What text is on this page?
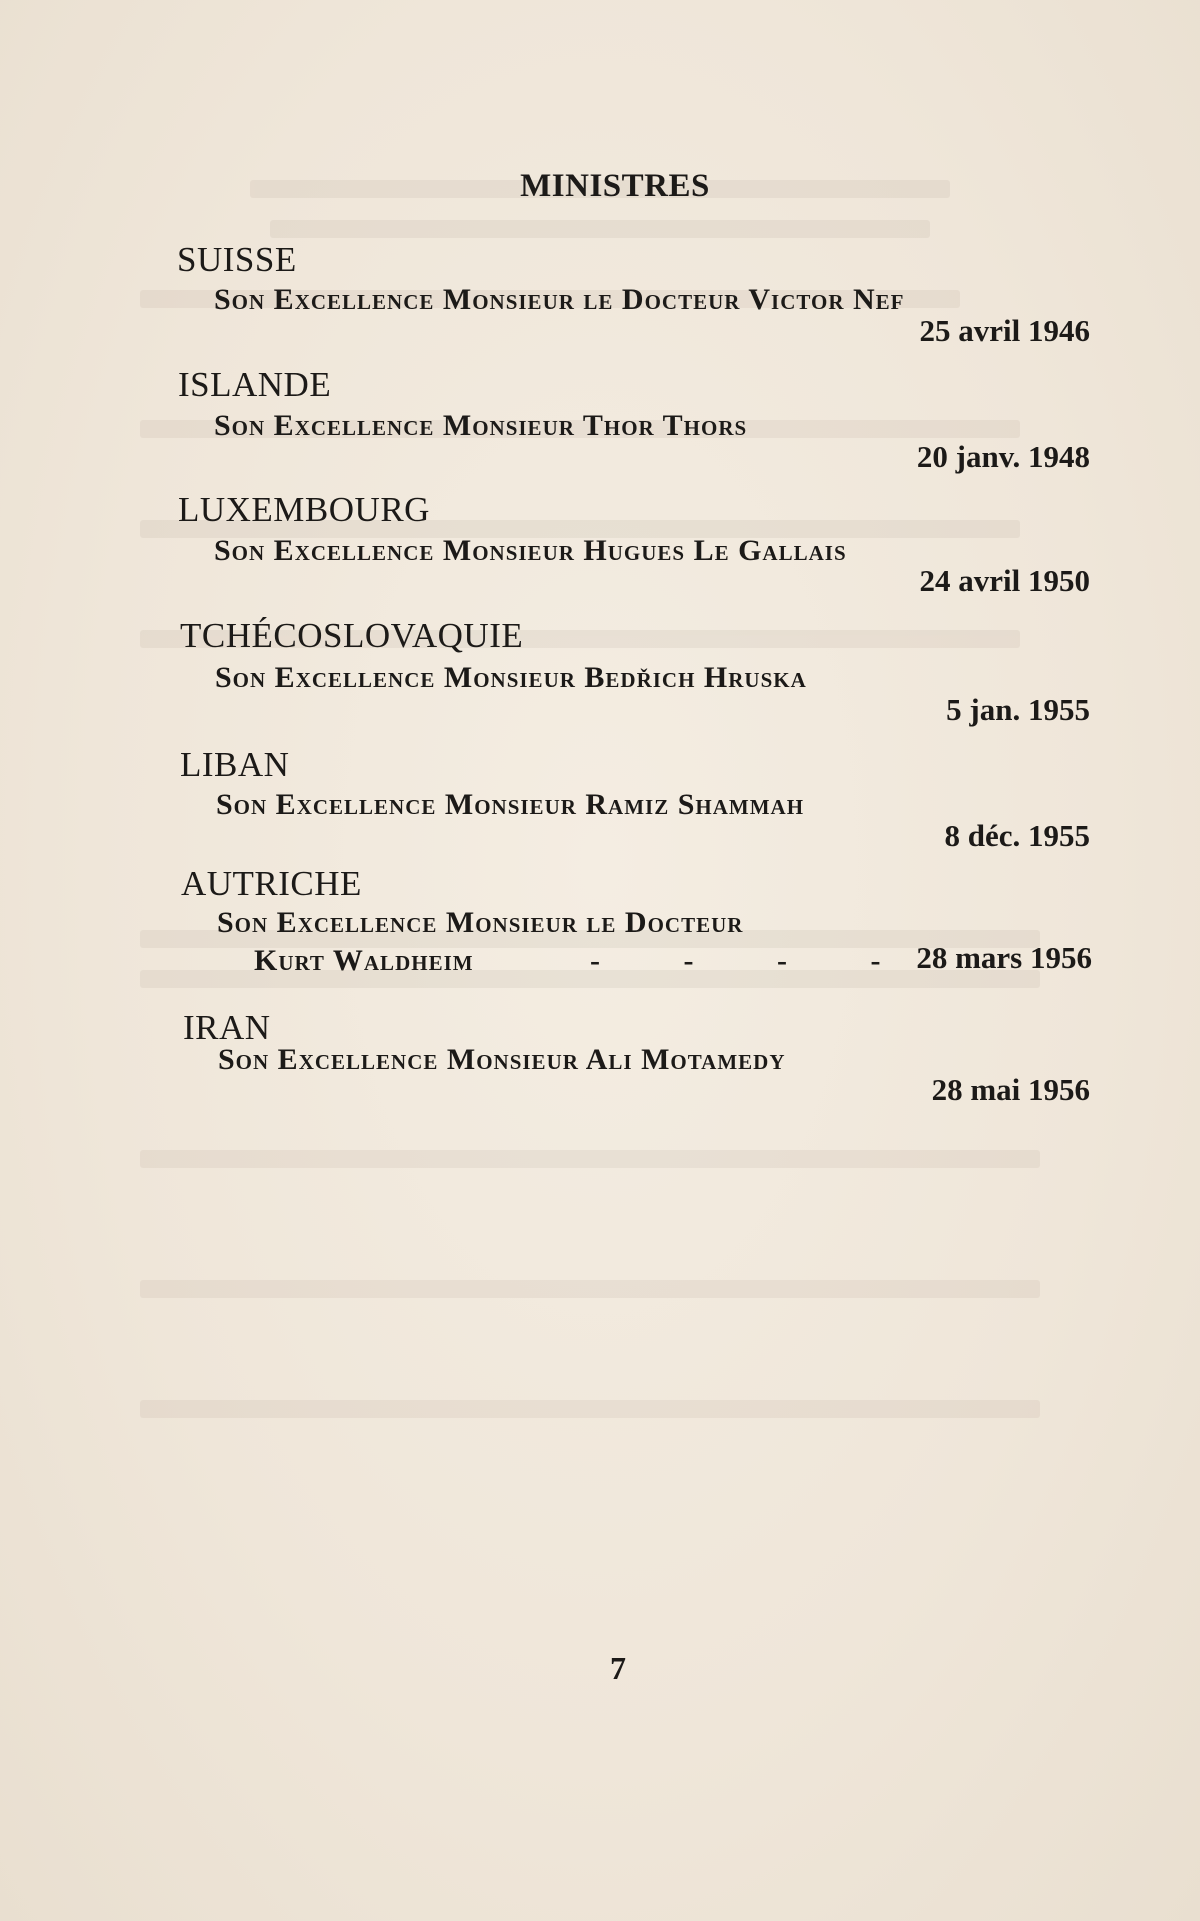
MINISTRES
SUISSE
Son Excellence Monsieur le Docteur Victor Nef
25 avril 1946
ISLANDE
Son Excellence Monsieur Thor Thors
20 janv. 1948
LUXEMBOURG
Son Excellence Monsieur Hugues Le Gallais
24 avril 1950
TCHÉCOSLOVAQUIE
Son Excellence Monsieur Bedřich Hruska
5 jan. 1955
LIBAN
Son Excellence Monsieur Ramiz Shammah
8 déc. 1955
AUTRICHE
Son Excellence Monsieur le Docteur
Kurt Waldheim	- - - -
28 mars 1956
IRAN
Son Excellence Monsieur Ali Motamedy
28 mai 1956
7
